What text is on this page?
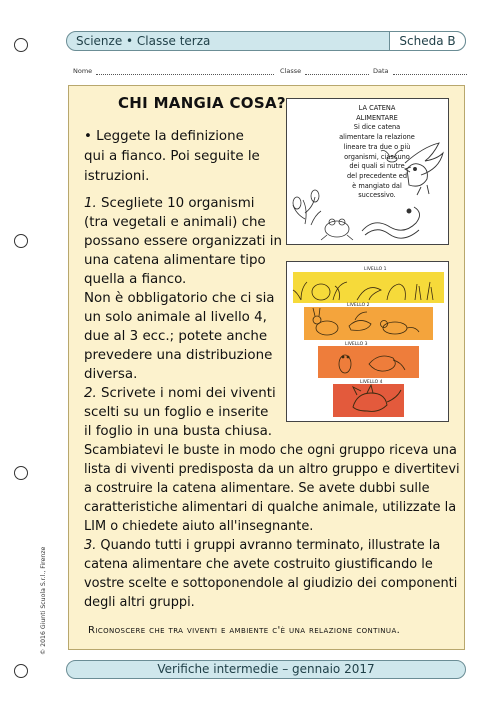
Scienze • Classe terza	Scheda B
Nome	Classe	Data
CHI MANGIA COSA?
• Leggete la definizione
qui a fianco. Poi seguite le
istruzioni.
1. Scegliete 10 organismi
(tra vegetali e animali) che
possano essere organizzati in
una catena alimentare tipo
quella a fianco.
Non è obbligatorio che ci sia
un solo animale al livello 4,
due al 3 ecc.; potete anche
prevedere una distribuzione
diversa.
2. Scrivete i nomi dei viventi
scelti su un foglio e inserite
il foglio in una busta chiusa.
Scambiatevi le buste in modo che ogni gruppo riceva una
lista di viventi predisposta da un altro gruppo e divertitevi
a costruire la catena alimentare. Se avete dubbi sulle
caratteristiche alimentari di qualche animale, utilizzate la
LIM o chiedete aiuto all'insegnante.
3. Quando tutti i gruppi avranno terminato, illustrate la
catena alimentare che avete costruito giustificando le
vostre scelte e sottoponendole al giudizio dei componenti
degli altri gruppi.
LA CATENA
ALIMENTARE
Si dice catena
alimentare la relazione
lineare tra due o più
organismi, ciascuno
dei quali si nutre
del precedente ed
è mangiato dal
successivo.
LIVELLO 1
LIVELLO 2
LIVELLO 3
LIVELLO 4
Riconoscere che tra viventi e ambiente c'è una relazione continua.
Verifiche intermedie – gennaio 2017
© 2016 Giunti Scuola S.r.l., Firenze
